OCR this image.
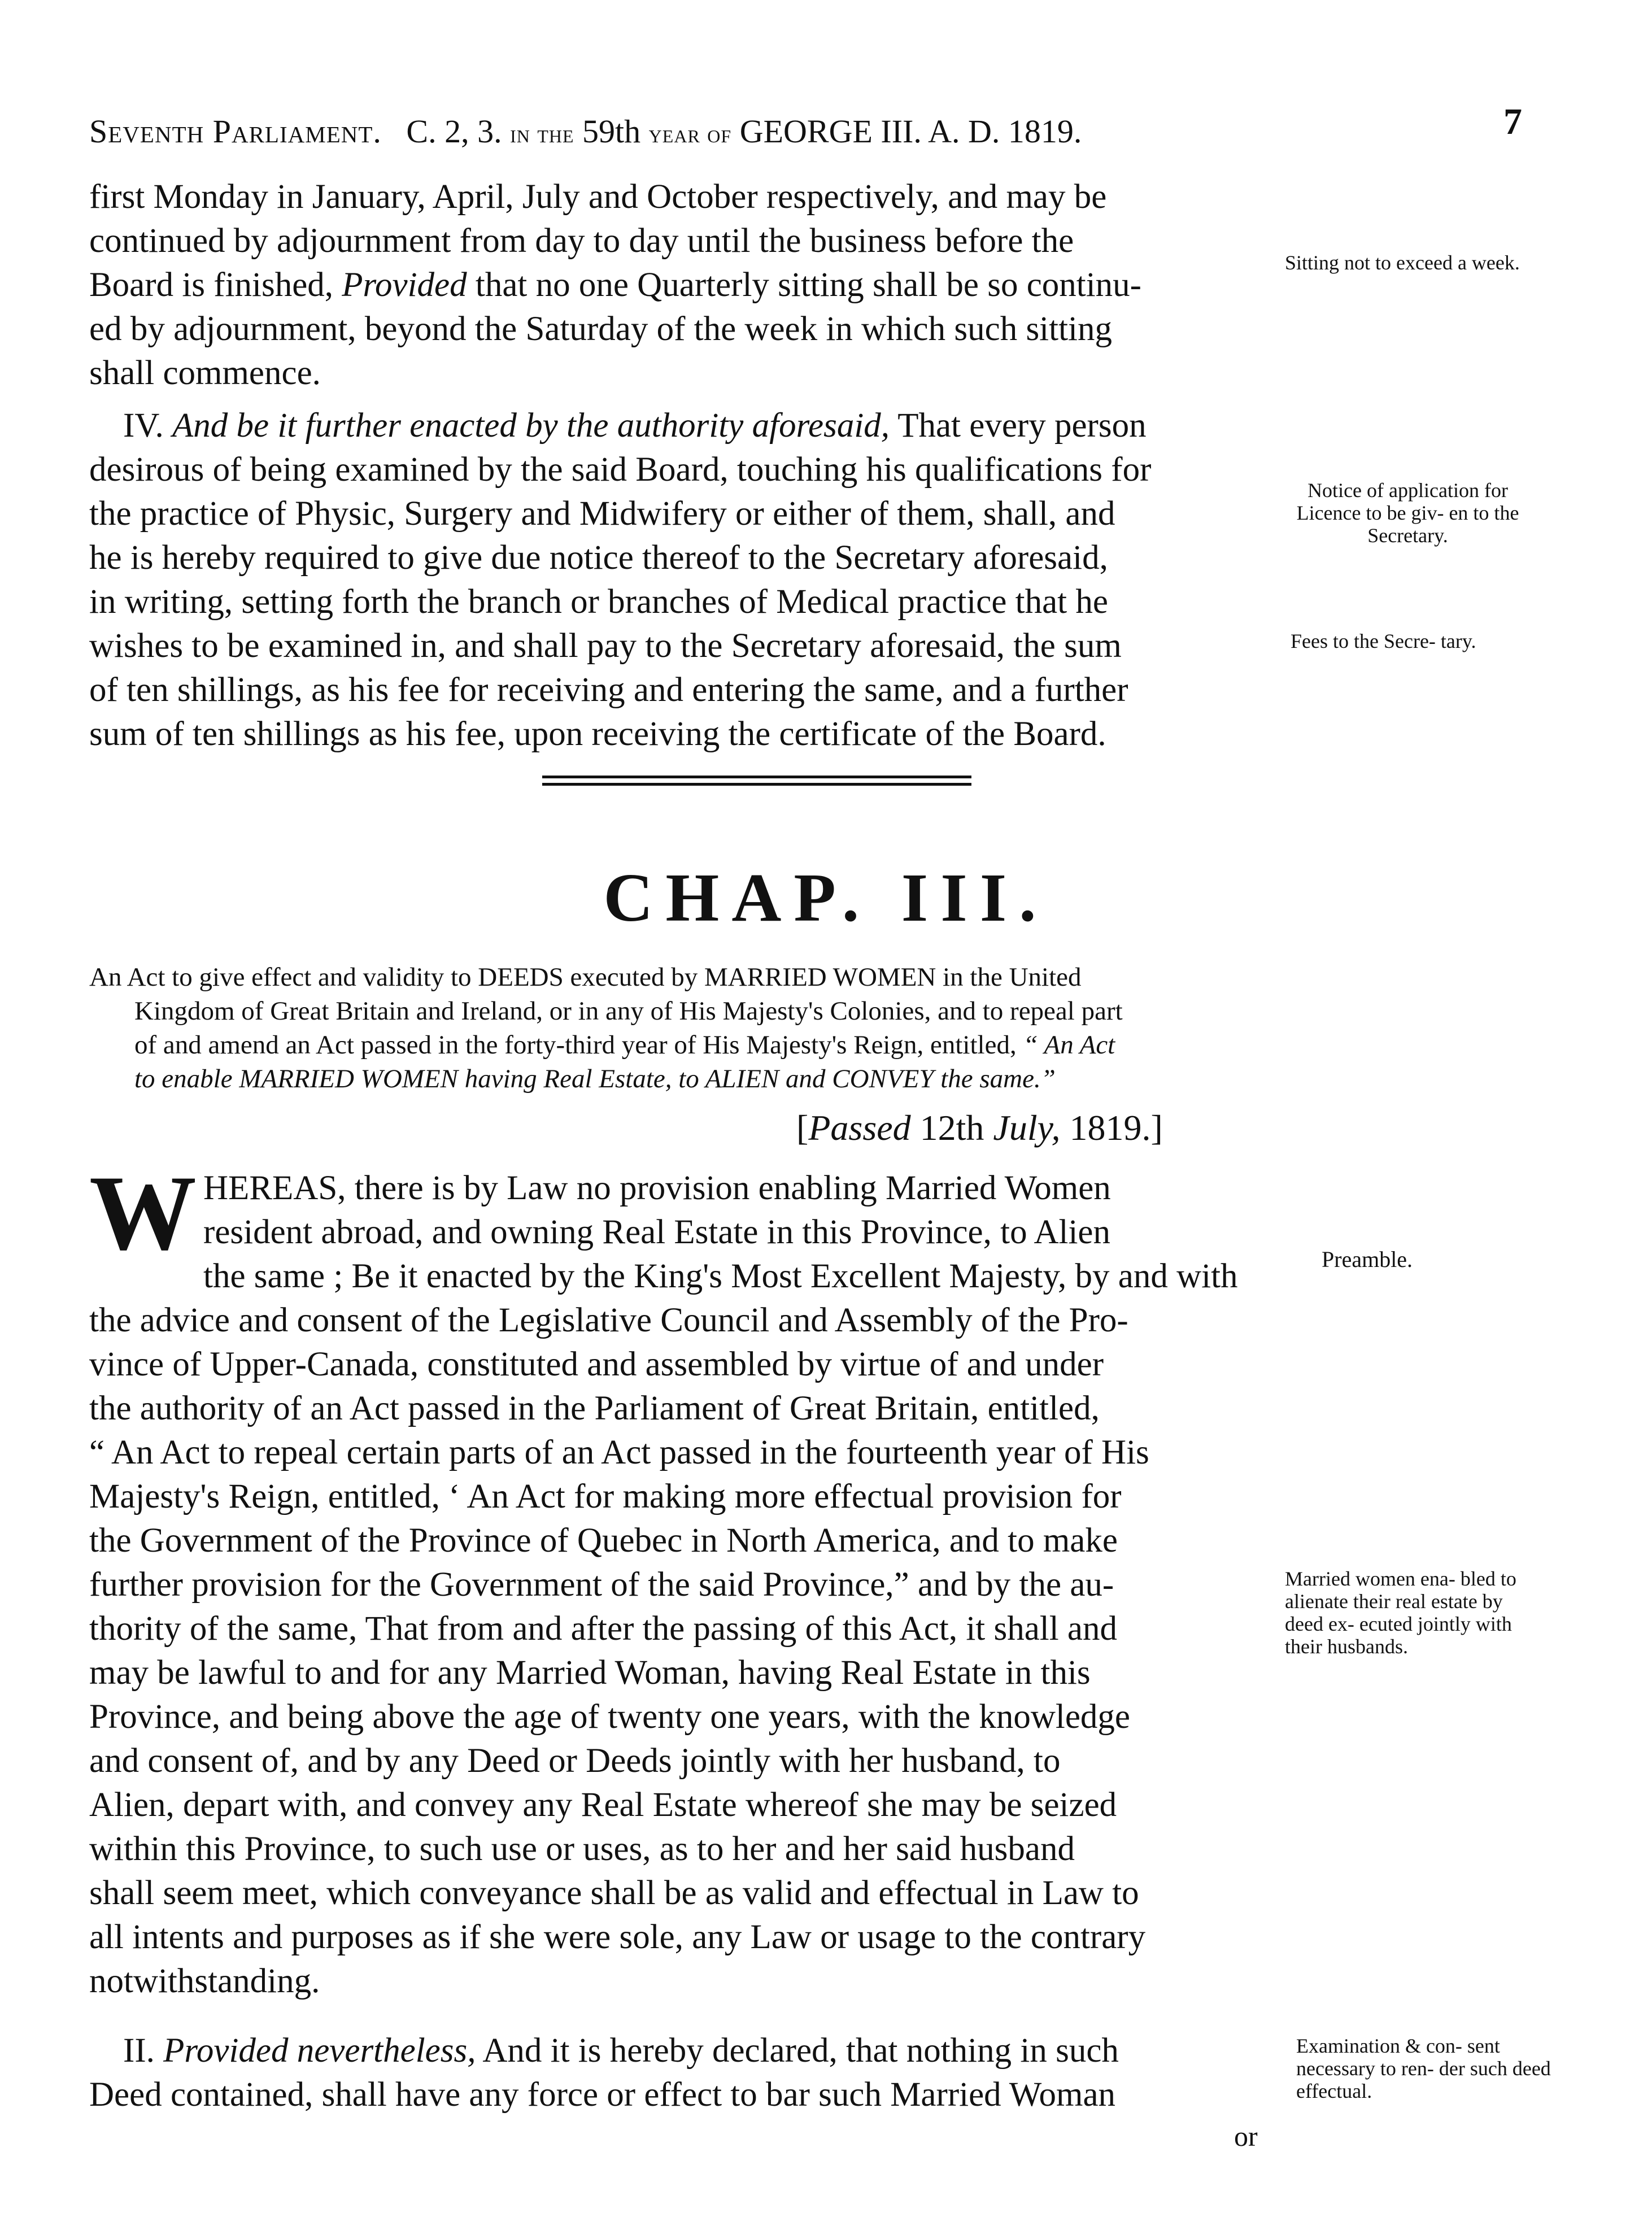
Seventh Parliament. C. 2, 3. in the 59th year of GEORGE III. A. D. 1819.	7

first Monday in January, April, July and October respectively, and may be

continued by adjournment from day to day until the business before the

Board is finished, Provided that no one Quarterly sitting shall be so continu-

ed by adjournment, beyond the Saturday of the week in which such sitting

shall commence.

Sitting not to exceed a week.

IV. And be it further enacted by the authority aforesaid, That every person

desirous of being examined by the said Board, touching his qualifications for

the practice of Physic, Surgery and Midwifery or either of them, shall, and

he is hereby required to give due notice thereof to the Secretary aforesaid,

in writing, setting forth the branch or branches of Medical practice that he

wishes to be examined in, and shall pay to the Secretary aforesaid, the sum

of ten shillings, as his fee for receiving and entering the same, and a further

sum of ten shillings as his fee, upon receiving the certificate of the Board.

Notice of application for Licence to be giv- en to the Secretary.
Fees to the Secre- tary.
CHAP. III.
An Act to give effect and validity to DEEDS executed by MARRIED WOMEN in the United
Kingdom of Great Britain and Ireland, or in any of His Majesty's Colonies, and to repeal part
of and amend an Act passed in the forty-third year of His Majesty's Reign, entitled, “ An Act
to enable MARRIED WOMEN having Real Estate, to ALIEN and CONVEY the same.”
[Passed 12th July, 1819.]
W HEREAS, there is by Law no provision enabling Married Women

resident abroad, and owning Real Estate in this Province, to Alien

the same ; Be it enacted by the King's Most Excellent Majesty, by and with

the advice and consent of the Legislative Council and Assembly of the Pro-

vince of Upper-Canada, constituted and assembled by virtue of and under

the authority of an Act passed in the Parliament of Great Britain, entitled,

“ An Act to repeal certain parts of an Act passed in the fourteenth year of His

Majesty's Reign, entitled, ‘ An Act for making more effectual provision for

the Government of the Province of Quebec in North America, and to make

further provision for the Government of the said Province,” and by the au-

thority of the same, That from and after the passing of this Act, it shall and

may be lawful to and for any Married Woman, having Real Estate in this

Province, and being above the age of twenty one years, with the knowledge

and consent of, and by any Deed or Deeds jointly with her husband, to

Alien, depart with, and convey any Real Estate whereof she may be seized

within this Province, to such use or uses, as to her and her said husband

shall seem meet, which conveyance shall be as valid and effectual in Law to

all intents and purposes as if she were sole, any Law or usage to the contrary

notwithstanding.

Preamble.
Married women ena- bled to alienate their real estate by deed ex- ecuted jointly with their husbands.

II. Provided nevertheless, And it is hereby declared, that nothing in such

Deed contained, shall have any force or effect to bar such Married Woman

Examination & con- sent necessary to ren- der such deed effectual.
or
